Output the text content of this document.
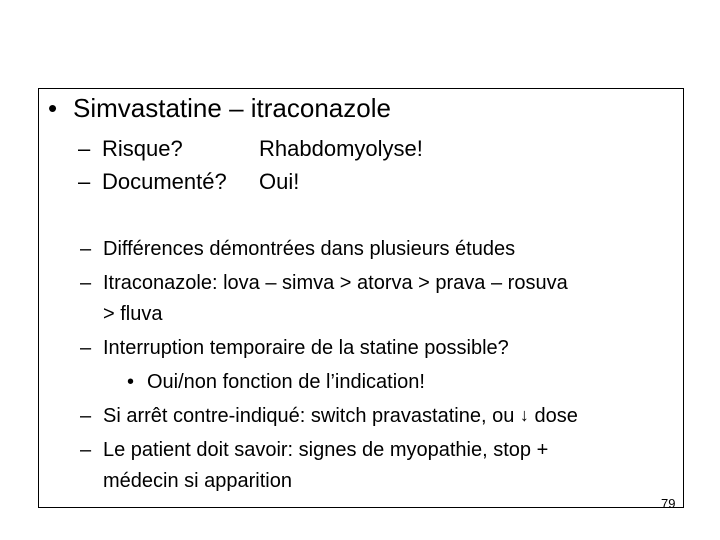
• Simvastatine – itraconazole
– Risque?	Rhabdomyolyse!
– Documenté? Oui!
– Différences démontrées dans plusieurs études
– Itraconazole: lova – simva > atorva > prava – rosuva
> fluva
– Interruption temporaire de la statine possible?
• Oui/non fonction de l’indication!
– Si arrêt contre-indiqué: switch pravastatine, ou ↓ dose
– Le patient doit savoir: signes de myopathie, stop +
médecin si apparition
79
